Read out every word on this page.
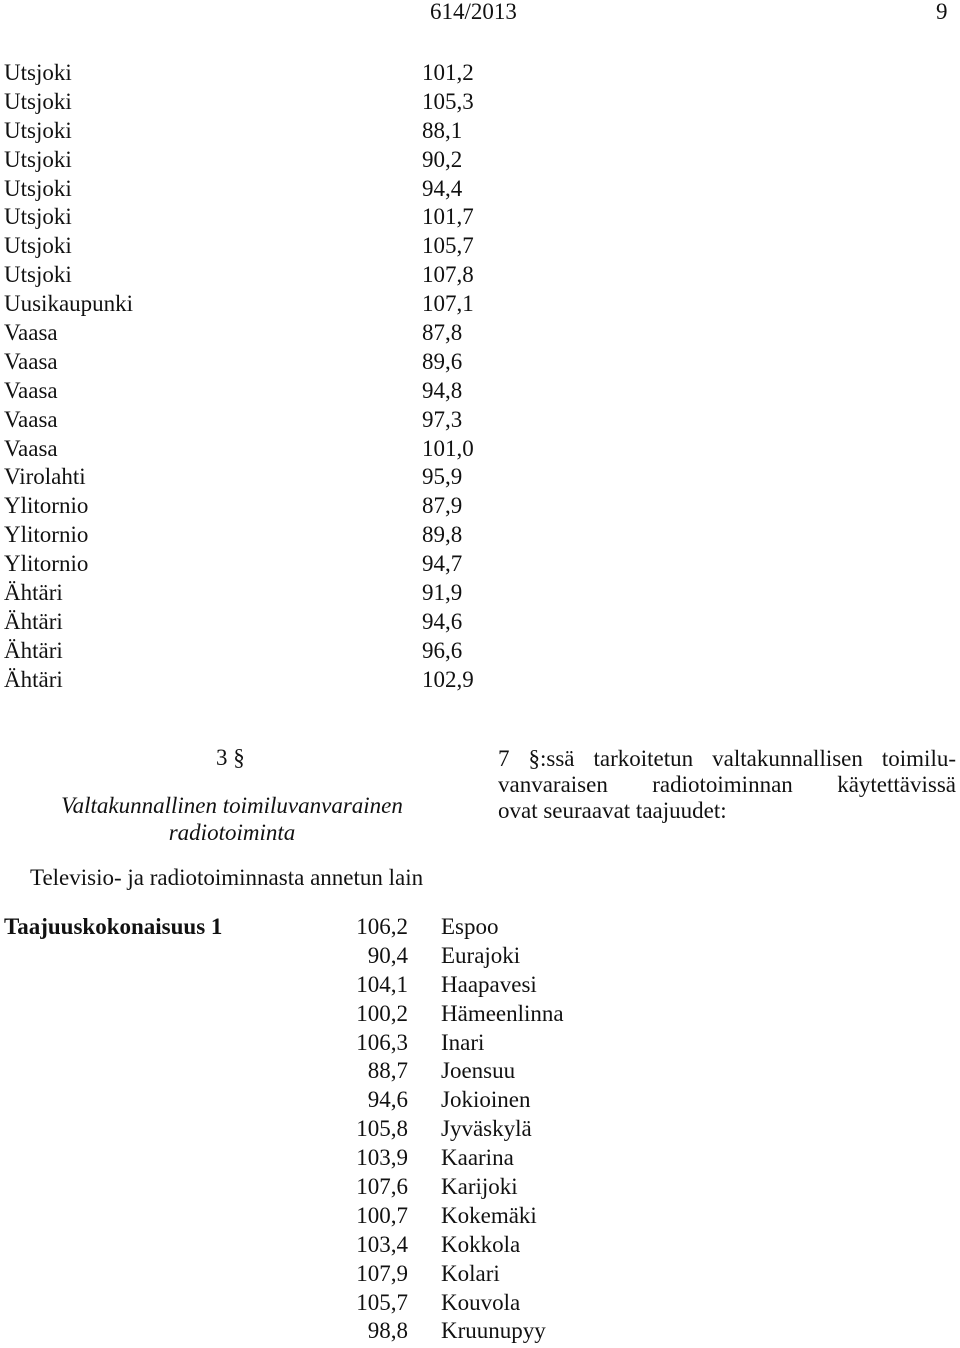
614/2013	9
Utsjoki	101,2
Utsjoki	105,3
Utsjoki	88,1
Utsjoki	90,2
Utsjoki	94,4
Utsjoki	101,7
Utsjoki	105,7
Utsjoki	107,8
Uusikaupunki	107,1
Vaasa	87,8
Vaasa	89,6
Vaasa	94,8
Vaasa	97,3
Vaasa	101,0
Virolahti	95,9
Ylitornio	87,9
Ylitornio	89,8
Ylitornio	94,7
Ähtäri	91,9
Ähtäri	94,6
Ähtäri	96,6
Ähtäri	102,9
3 §
Valtakunnallinen toimiluvanvarainen
radiotoiminta
7 §:ssä tarkoitetun valtakunnallisen toimilu-
vanvaraisen radiotoiminnan käytettävissä
ovat seuraavat taajuudet:
Televisio- ja radiotoiminnasta annetun lain
Taajuuskokonaisuus 1	106,2 Espoo
90,4 Eurajoki
104,1 Haapavesi
100,2 Hämeenlinna
106,3 Inari
88,7 Joensuu
94,6 Jokioinen
105,8 Jyväskylä
103,9 Kaarina
107,6 Karijoki
100,7 Kokemäki
103,4 Kokkola
107,9 Kolari
105,7 Kouvola
98,8 Kruunupyy
